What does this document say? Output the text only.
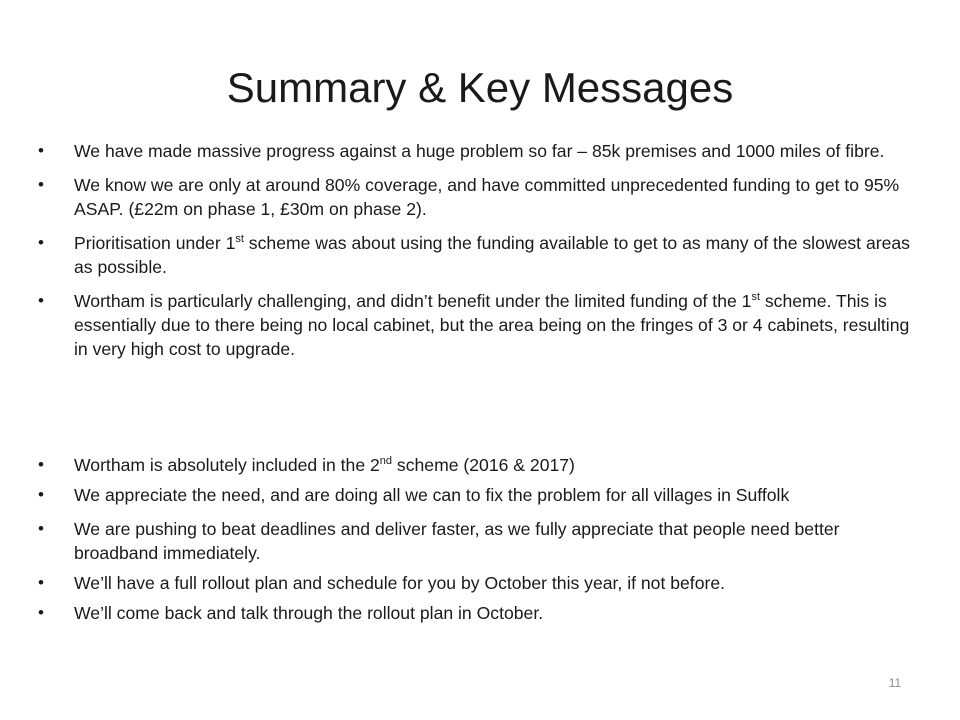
Summary & Key Messages
• We have made massive progress against a huge problem so far – 85k premises and 1000 miles of fibre.
• We know we are only at around 80% coverage, and have committed unprecedented funding to get to 95% ASAP. (£22m on phase 1, £30m on phase 2).
• Prioritisation under 1st scheme was about using the funding available to get to as many of the slowest areas as possible.
• Wortham is particularly challenging, and didn’t benefit under the limited funding of the 1st scheme. This is essentially due to there being no local cabinet, but the area being on the fringes of 3 or 4 cabinets, resulting in very high cost to upgrade.
• Wortham is absolutely included in the 2nd scheme (2016 & 2017)
• We appreciate the need, and are doing all we can to fix the problem for all villages in Suffolk
• We are pushing to beat deadlines and deliver faster, as we fully appreciate that people need better broadband immediately.
• We’ll have a full rollout plan and schedule for you by October this year, if not before.
• We’ll come back and talk through the rollout plan in October.
11
